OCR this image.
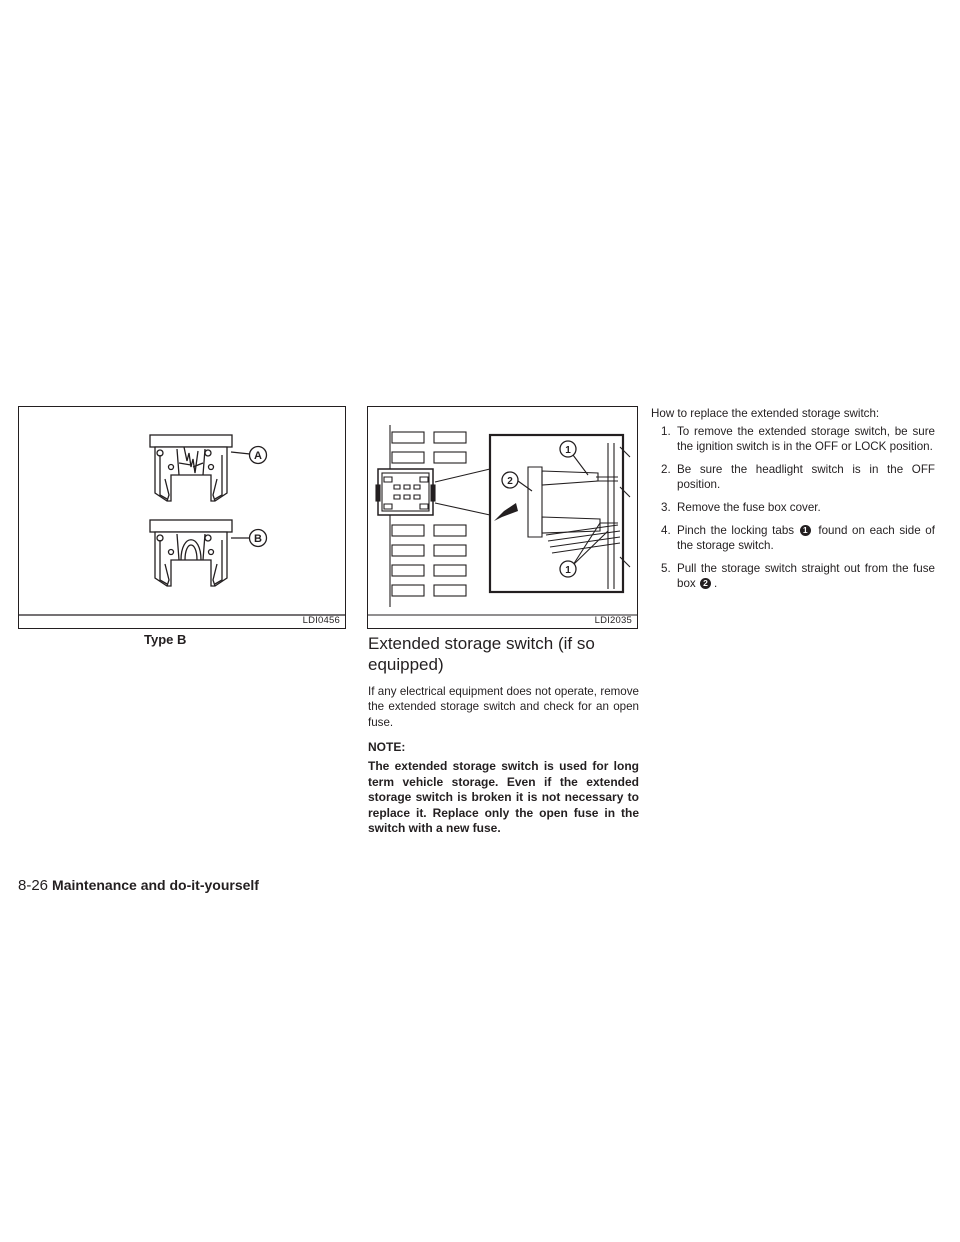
A
B
LDI0456
Type B
1
2
1
LDI2035
Extended storage switch (if so equipped)

If any electrical equipment does not operate, remove the extended storage switch and check for an open fuse.

NOTE:

The extended storage switch is used for long term vehicle storage. Even if the extended storage switch is broken it is not necessary to replace it. Replace only the open fuse in the switch with a new fuse.

How to replace the extended storage switch:

1. To remove the extended storage switch, be sure the ignition switch is in the OFF or LOCK position.
2. Be sure the headlight switch is in the OFF position.
3. Remove the fuse box cover.
4. Pinch the locking tabs 1 found on each side of the storage switch.
5. Pull the storage switch straight out from the fuse box 2 .
8-26 Maintenance and do-it-yourself
